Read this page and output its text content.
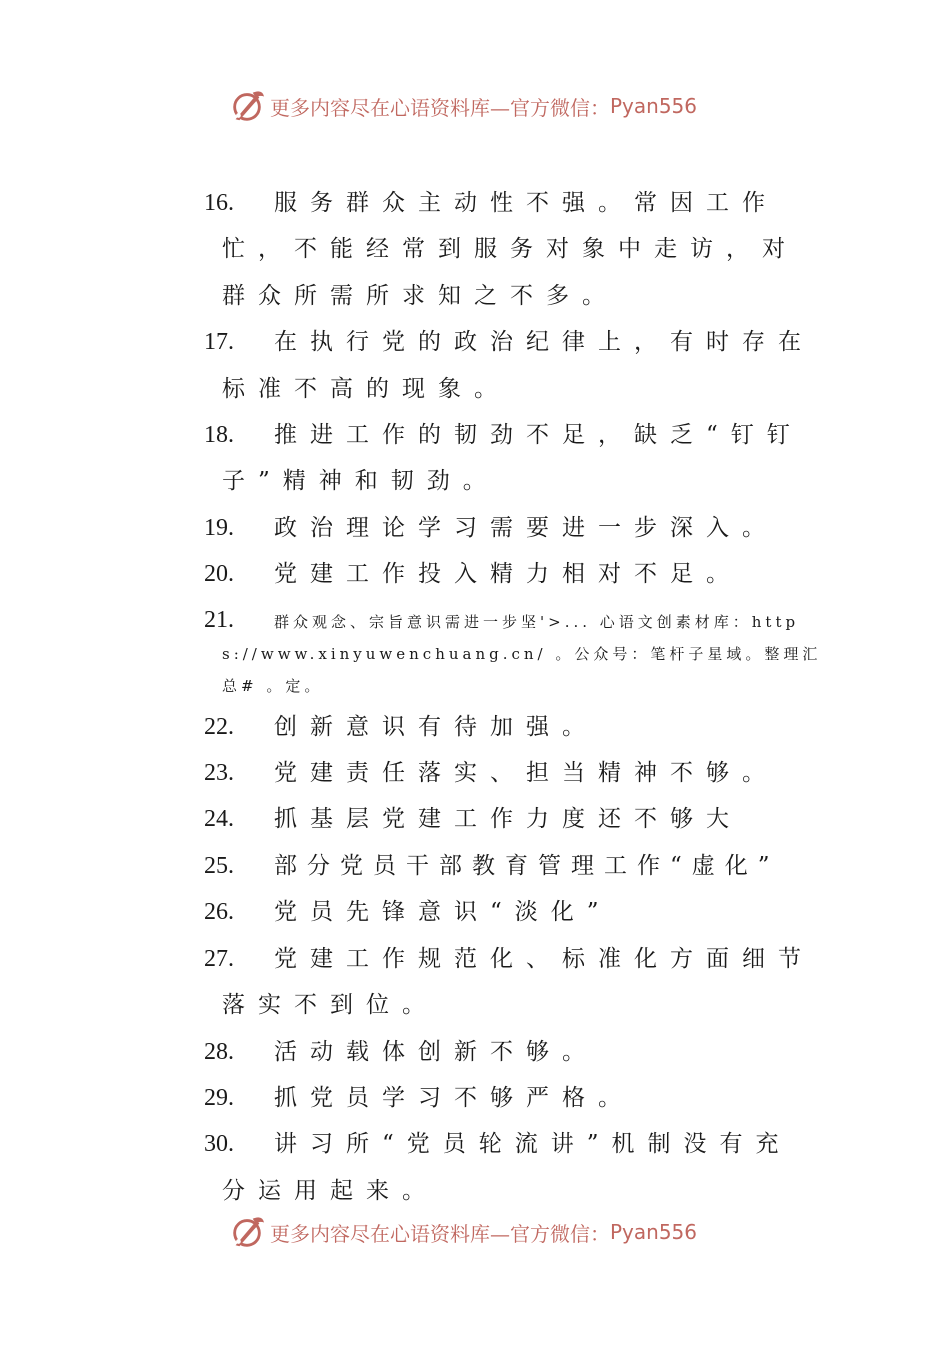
更多内容尽在心语资料库—官方微信： Pyan556
16.	服务群众主动性不强。常因工作忙，不能经常到服务对象中走访，对群众所需所求知之不多。
17.	在执行党的政治纪律上，有时存在标准不高的现象。
18.	推进工作的韧劲不足，缺乏“钉钉子”精神和韧劲。
19.	政治理论学习需要进一步深入。
20.	党建工作投入精力相对不足。
21.	群众观念、宗旨意识需进一步坚'>... 心语文创素材库：https://www.xinyuwenchuang.cn/ 。公众号：笔杆子星域。整理汇总# 。定。
22.	创新意识有待加强。
23.	党建责任落实、担当精神不够。
24.	抓基层党建工作力度还不够大
25.	部分党员干部教育管理工作“虚化”
26.	党员先锋意识“淡化”
27.	党建工作规范化、标准化方面细节落实不到位。
28.	活动载体创新不够。
29.	抓党员学习不够严格。
30.	讲习所“党员轮流讲”机制没有充分运用起来。
更多内容尽在心语资料库—官方微信： Pyan556
